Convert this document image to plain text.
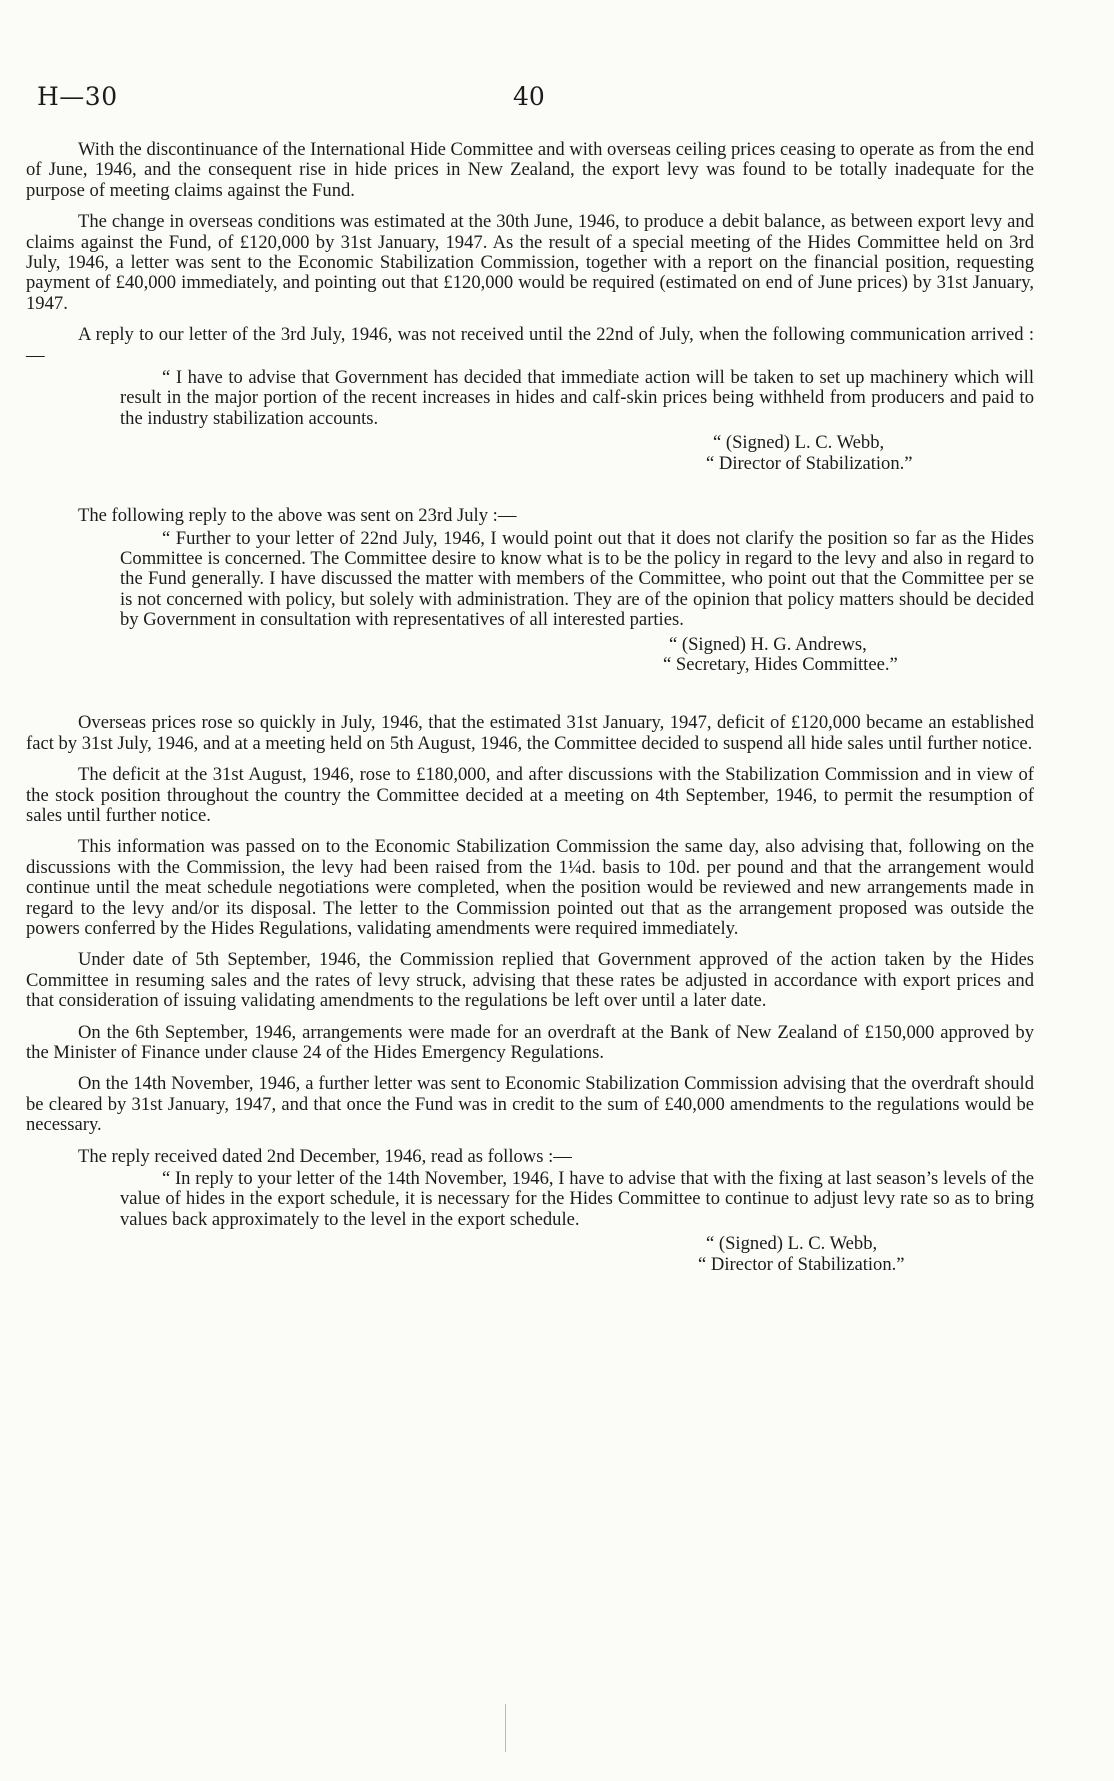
H—30	40

With the discontinuance of the International Hide Committee and with overseas ceiling prices ceasing to operate as from the end of June, 1946, and the consequent rise in hide prices in New Zealand, the export levy was found to be totally inadequate for the purpose of meeting claims against the Fund.

The change in overseas conditions was estimated at the 30th June, 1946, to produce a debit balance, as between export levy and claims against the Fund, of £120,000 by 31st January, 1947. As the result of a special meeting of the Hides Committee held on 3rd July, 1946, a letter was sent to the Economic Stabilization Commission, together with a report on the financial position, requesting payment of £40,000 immediately, and pointing out that £120,000 would be required (estimated on end of June prices) by 31st January, 1947.

A reply to our letter of the 3rd July, 1946, was not received until the 22nd of July, when the following communication arrived :—

“ I have to advise that Government has decided that immediate action will be taken to set up machinery which will result in the major portion of the recent increases in hides and calf-skin prices being withheld from producers and paid to the industry stabilization accounts.

“ (Signed) L. C. Webb,
“ Director of Stabilization.”

The following reply to the above was sent on 23rd July :—

“ Further to your letter of 22nd July, 1946, I would point out that it does not clarify the position so far as the Hides Committee is concerned. The Committee desire to know what is to be the policy in regard to the levy and also in regard to the Fund generally. I have discussed the matter with members of the Committee, who point out that the Committee per se is not concerned with policy, but solely with administration. They are of the opinion that policy matters should be decided by Government in consultation with representatives of all interested parties.

“ (Signed) H. G. Andrews,
“ Secretary, Hides Committee.”

Overseas prices rose so quickly in July, 1946, that the estimated 31st January, 1947, deficit of £120,000 became an established fact by 31st July, 1946, and at a meeting held on 5th August, 1946, the Committee decided to suspend all hide sales until further notice.

The deficit at the 31st August, 1946, rose to £180,000, and after discussions with the Stabilization Commission and in view of the stock position throughout the country the Committee decided at a meeting on 4th September, 1946, to permit the resumption of sales until further notice.

This information was passed on to the Economic Stabilization Commission the same day, also advising that, following on the discussions with the Commission, the levy had been raised from the 1¼d. basis to 10d. per pound and that the arrangement would continue until the meat schedule negotiations were completed, when the position would be reviewed and new arrangements made in regard to the levy and/or its disposal. The letter to the Commission pointed out that as the arrangement proposed was outside the powers conferred by the Hides Regulations, validating amendments were required immediately.

Under date of 5th September, 1946, the Commission replied that Government approved of the action taken by the Hides Committee in resuming sales and the rates of levy struck, advising that these rates be adjusted in accordance with export prices and that consideration of issuing validating amendments to the regulations be left over until a later date.

On the 6th September, 1946, arrangements were made for an overdraft at the Bank of New Zealand of £150,000 approved by the Minister of Finance under clause 24 of the Hides Emergency Regulations.

On the 14th November, 1946, a further letter was sent to Economic Stabilization Commission advising that the overdraft should be cleared by 31st January, 1947, and that once the Fund was in credit to the sum of £40,000 amendments to the regulations would be necessary.

The reply received dated 2nd December, 1946, read as follows :—

“ In reply to your letter of the 14th November, 1946, I have to advise that with the fixing at last season’s levels of the value of hides in the export schedule, it is necessary for the Hides Committee to continue to adjust levy rate so as to bring values back approximately to the level in the export schedule.

“ (Signed) L. C. Webb,
“ Director of Stabilization.”
